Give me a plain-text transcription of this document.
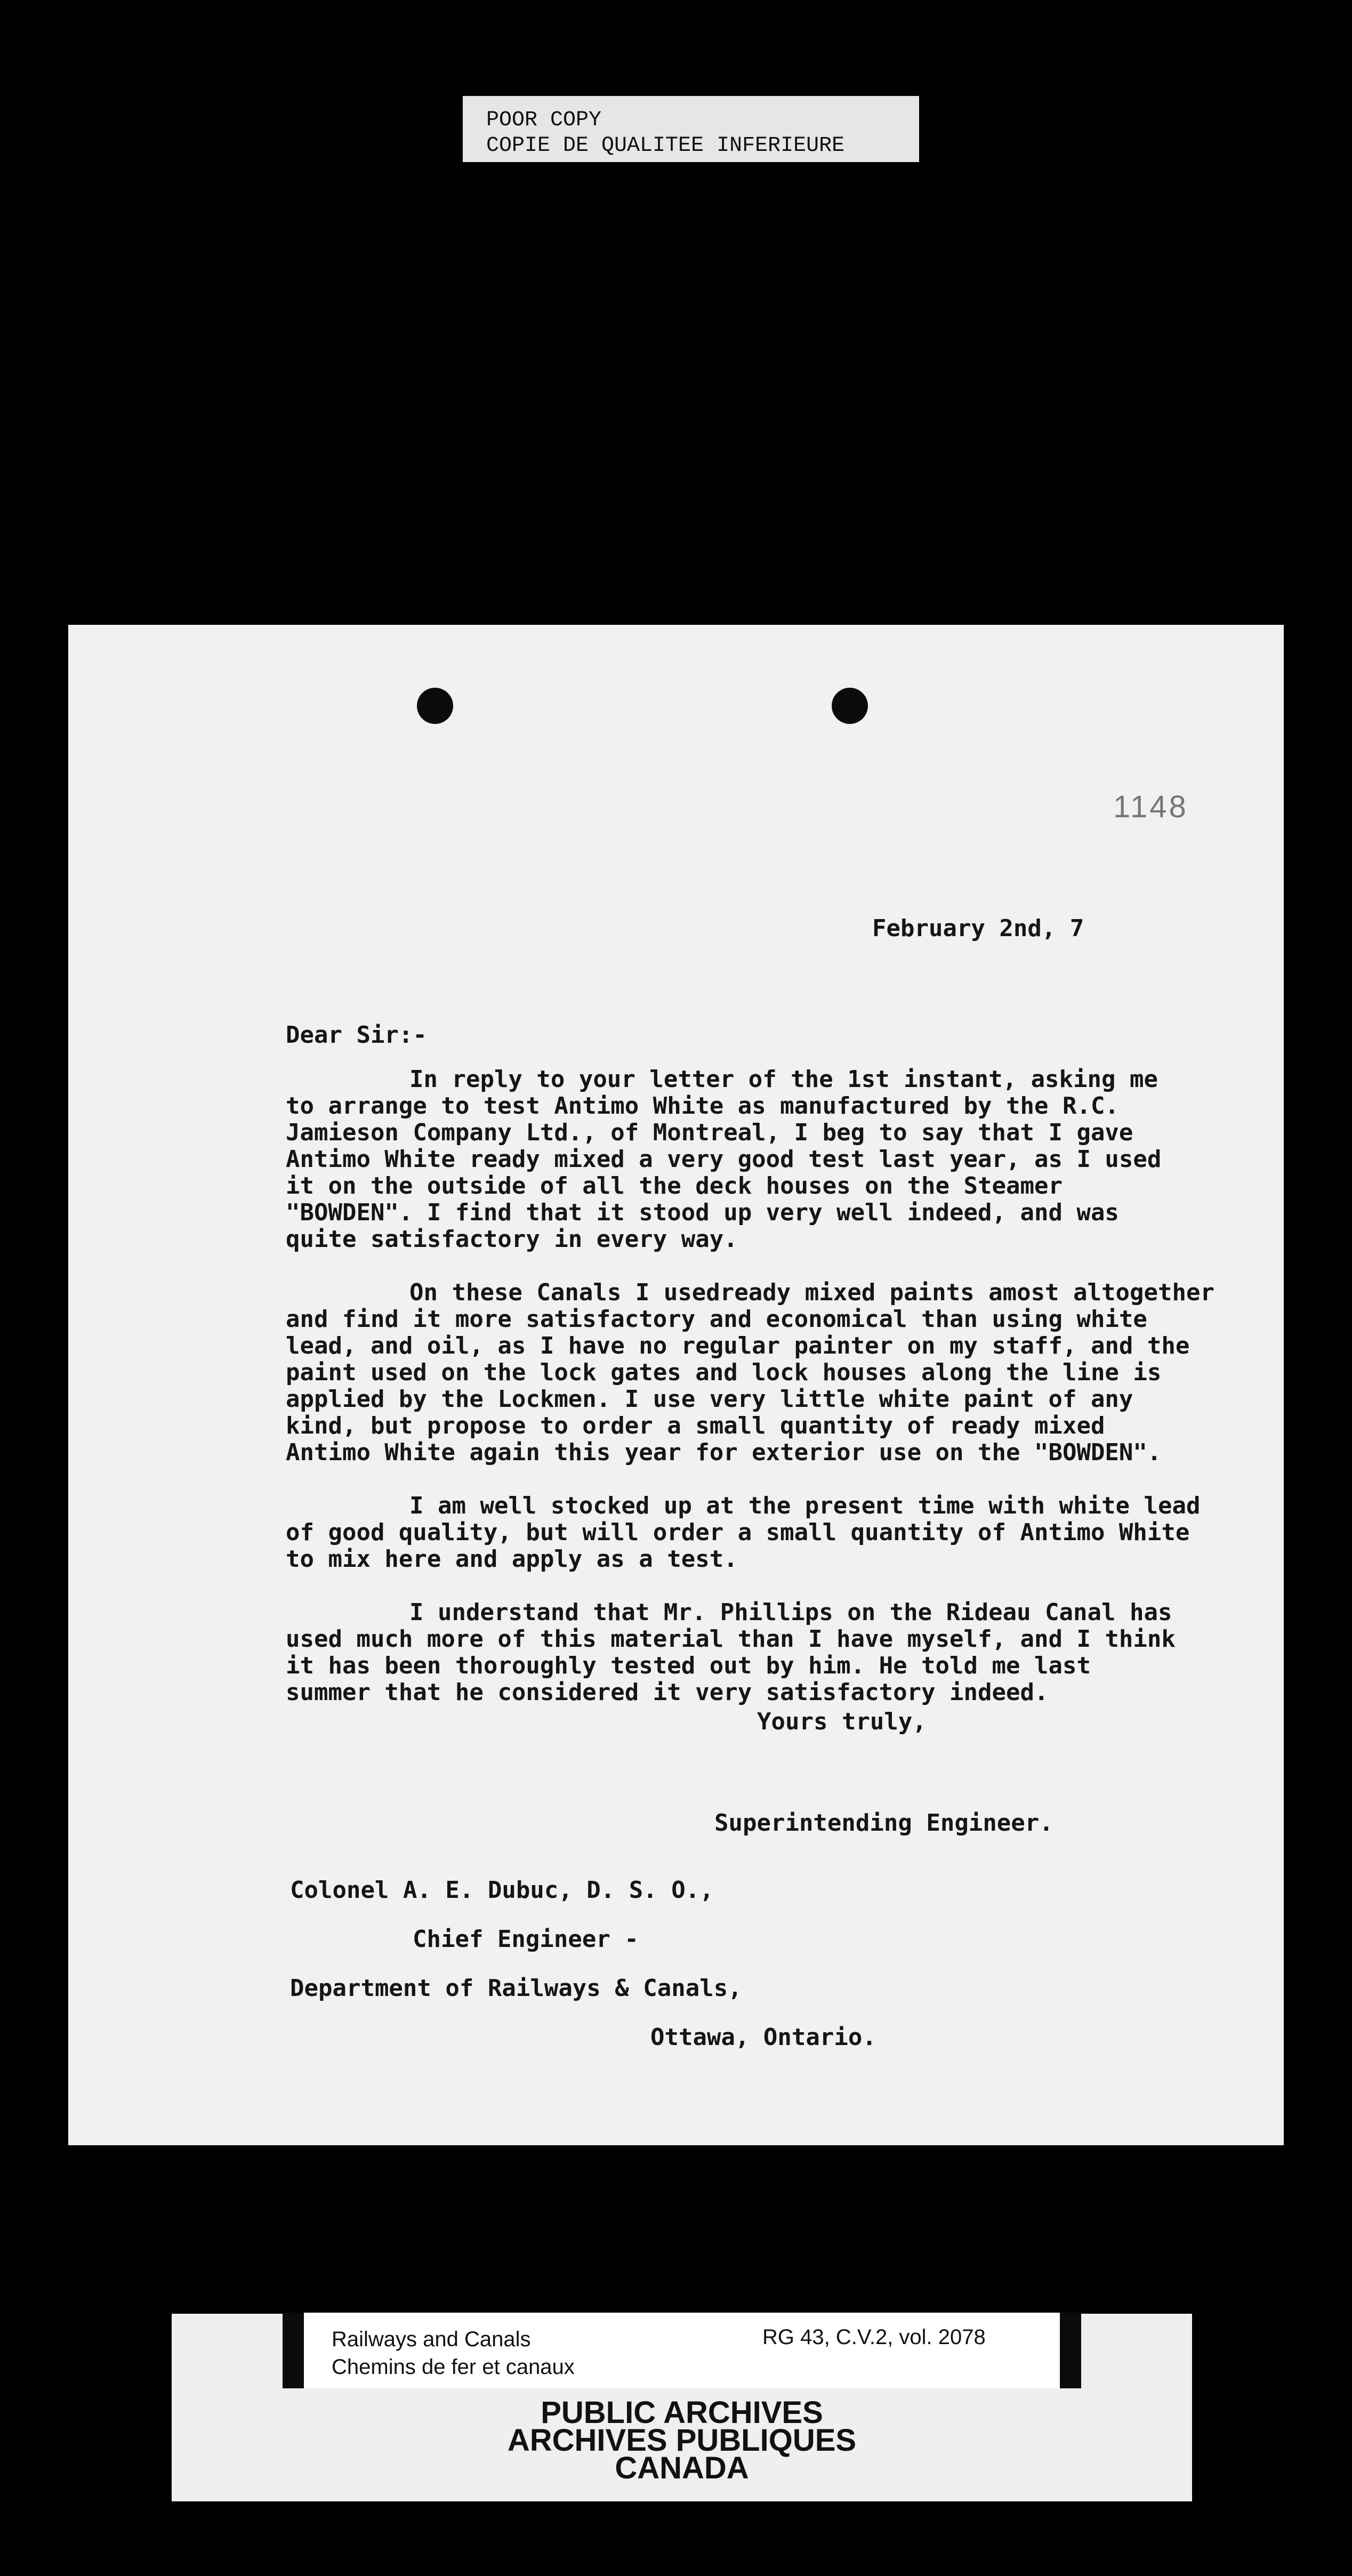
POOR COPY
COPIE DE QUALITEE INFERIEURE
1148
February 2nd, 7
Dear Sir:-
In reply to your letter of the 1st instant, asking me
to arrange to test Antimo White as manufactured by the R.C.
Jamieson Company Ltd., of Montreal, I beg to say that I gave
Antimo White ready mixed a very good test last year, as I used
it on the outside of all the deck houses on the Steamer
"BOWDEN". I find that it stood up very well indeed, and was
quite satisfactory in every way.
On these Canals I usedready mixed paints amost altogether
and find it more satisfactory and economical than using white
lead, and oil, as I have no regular painter on my staff, and the
paint used on the lock gates and lock houses along the line is
applied by the Lockmen. I use very little white paint of any
kind, but propose to order a small quantity of ready mixed
Antimo White again this year for exterior use on the "BOWDEN".
I am well stocked up at the present time with white lead
of good quality, but will order a small quantity of Antimo White
to mix here and apply as a test.
I understand that Mr. Phillips on the Rideau Canal has
used much more of this material than I have myself, and I think
it has been thoroughly tested out by him. He told me last
summer that he considered it very satisfactory indeed.
Yours truly,
Superintending Engineer.
Colonel A. E. Dubuc, D. S. O.,
Chief Engineer -
Department of Railways & Canals,
Ottawa, Ontario.
Railways and Canals
Chemins de fer et canaux
RG 43, C.V.2, vol. 2078
PUBLIC ARCHIVES
ARCHIVES PUBLIQUES
CANADA
